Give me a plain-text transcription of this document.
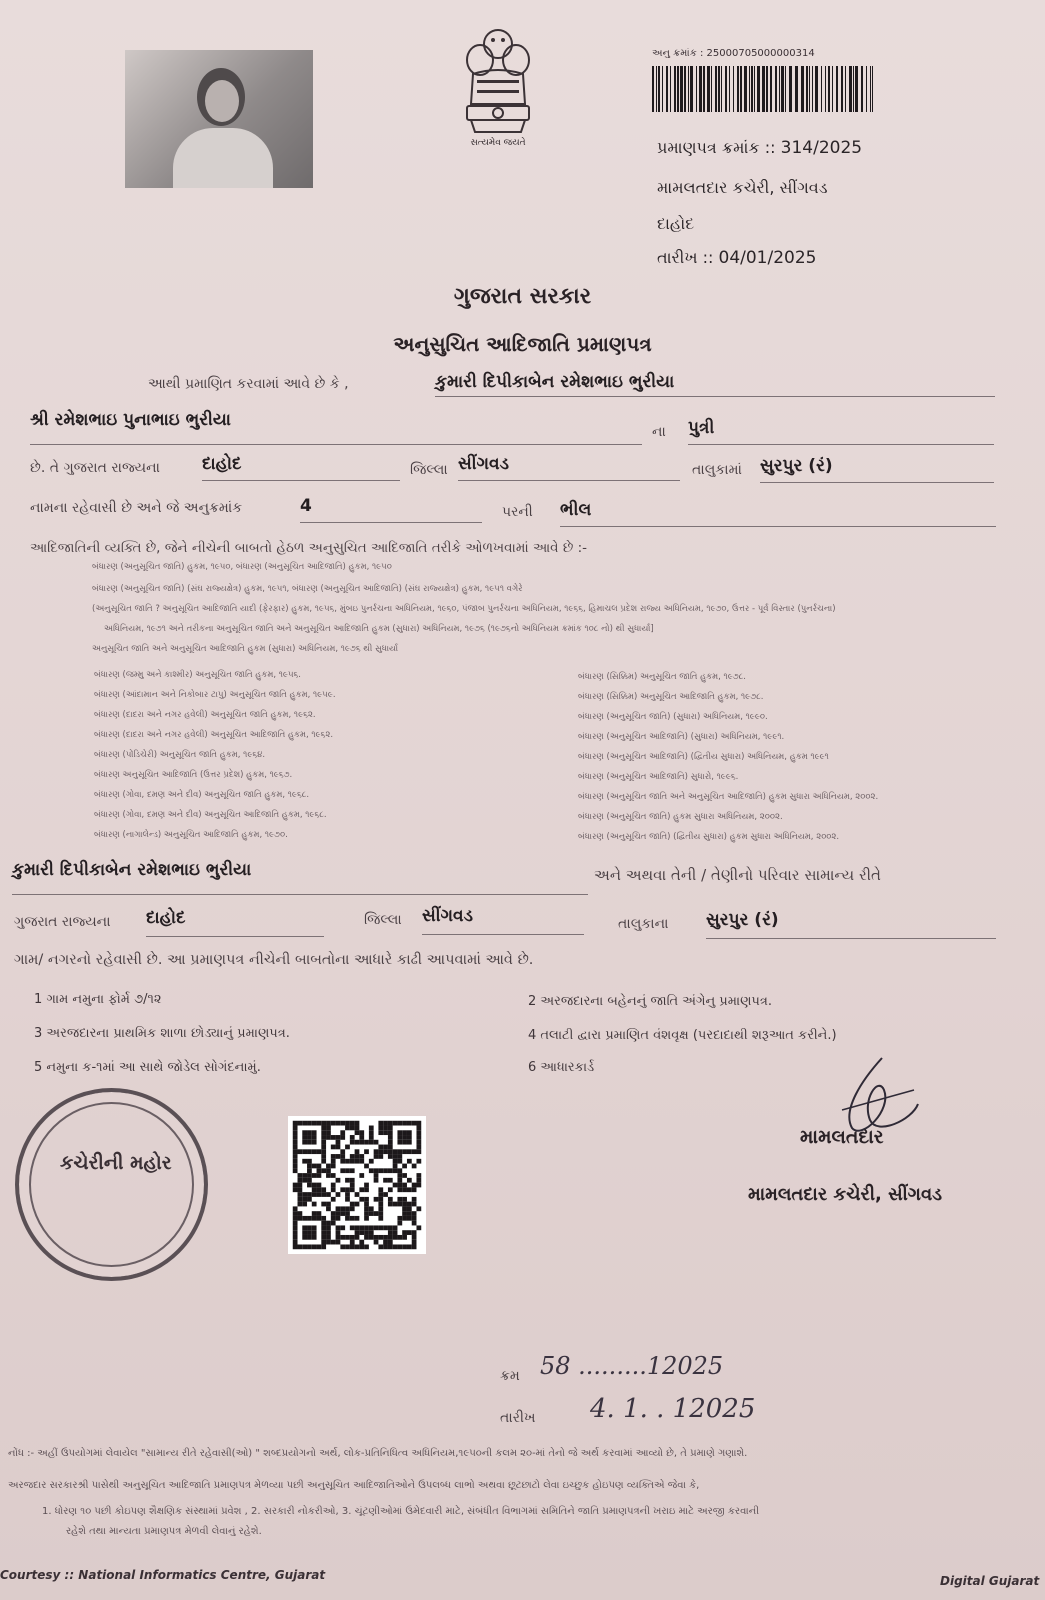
સત્યમેવ જયતે
અનુ ક્રમાંક : 25000705000000314
પ્રમાણપત્ર ક્રમાંક :: 314/2025
મામલતદાર કચેરી, સીંગવડ
દાહોદ
તારીખ :: 04/01/2025
ગુજરાત સરકાર
અનુસુચિત આદિજાતિ પ્રમાણપત્ર
આથી પ્રમાણિત કરવામાં આવે છે કે ,	કુમારી દિપીકાબેન રમેશભાઇ ભુરીયા
શ્રી રમેશભાઇ પુનાભાઇ ભુરીયા
ના પુત્રી
છે. તે ગુજરાત રાજ્યના દાહોદ	જિલ્લા સીંગવડ	તાલુકામાં સુરપુર (રં)
નામના રહેવાસી છે અને જે અનુક્રમાંક	4	પરની ભીલ
આદિજાતિની વ્યક્તિ છે, જેને નીચેની બાબતો હેઠળ અનુસુચિત આદિજાતિ તરીકે ઓળખવામાં આવે છે :-
બંધારણ (અનુસૂચિત જાતિ) હુકમ, ૧૯૫૦, બંધારણ (અનુસૂચિત આદિજાતિ) હુકમ, ૧૯૫૦
બંધારણ (અનુસૂચિત જાતિ) (સંઘ રાજ્યક્ષેત્ર) હુકમ, ૧૯૫૧, બંધારણ (અનુસૂચિત આદિજાતિ) (સંઘ રાજ્યક્ષેત્ર) હુકમ, ૧૯૫૧ વગેરે
(અનુસૂચિત જાતિ ? અનુસૂચિત આદિજાતિ યાદી (ફેરફાર) હુકમ, ૧૯૫૬, મુંબઇ પુનર્રચના અધિનિયમ, ૧૯૬૦, પંજાબ પુનર્રચના અધિનિયમ, ૧૯૬૬, હિમાચલ પ્રદેશ રાજ્ય અધિનિયમ, ૧૯૭૦, ઉત્તર - પૂર્વ વિસ્તાર (પુનર્રચના)
અધિનિયમ, ૧૯૭૧ અને તરીકના અનુસૂચિત જાતિ અને અનુસૂચિત આદિજાતિ હુકમ (સુધારા) અધિનિયમ, ૧૯૭૬ (૧૯૭૬નો અધિનિયમ ક્રમાંક ૧૦૮ નો) થી સુધાર્યા]
અનુસૂચિત જાતિ અને અનુસૂચિત આદિજાતિ હુકમ (સુધારા) અધિનિયમ, ૧૯૭૬ થી સુધાર્યા
બંધારણ (જમ્મુ અને કાશ્મીર) અનુસૂચિત જાતિ હુકમ, ૧૯૫૬.
બંધારણ (આંદામાન અને નિકોબાર ટાપુ) અનુસૂચિત જાતિ હુકમ, ૧૯૫૯.
બંધારણ (દાદરા અને નગર હવેલી) અનુસૂચિત જાતિ હુકમ, ૧૯૬૨.
બંધારણ (દાદરા અને નગર હવેલી) અનુસૂચિત આદિજાતિ હુકમ, ૧૯૬૨.
બંધારણ (પોંડિચેરી) અનુસૂચિત જાતિ હુકમ, ૧૯૬૪.
બંધારણ અનુસૂચિત આદિજાતિ (ઉત્તર પ્રદેશ) હુકમ, ૧૯૬૭.
બંધારણ (ગોવા, દમણ અને દીવ) અનુસૂચિત જાતિ હુકમ, ૧૯૬૮.
બંધારણ (ગોવા, દમણ અને દીવ) અનુસૂચિત આદિજાતિ હુકમ, ૧૯૬૮.
બંધારણ (નાગાલેન્ડ) અનુસૂચિત આદિજાતિ હુકમ, ૧૯૭૦.
બંધારણ (સિક્કિમ) અનુસૂચિત જાતિ હુકમ, ૧૯૭૮.
બંધારણ (સિક્કિમ) અનુસૂચિત આદિજાતિ હુકમ, ૧૯૭૮.
બંધારણ (અનુસૂચિત જાતિ) (સુધારા) અધિનિયમ, ૧૯૯૦.
બંધારણ (અનુસૂચિત આદિજાતિ) (સુધારા) અધિનિયમ, ૧૯૯૧.
બંધારણ (અનુસૂચિત આદિજાતિ) (દ્વિતીય સુધારા) અધિનિયમ, હુકમ ૧૯૯૧
બંધારણ (અનુસૂચિત આદિજાતિ) સુધારો, ૧૯૯૬.
બંધારણ (અનુસૂચિત જાતિ અને અનુસૂચિત આદિજાતિ) હુકમ સુધારા અધિનિયમ, ૨૦૦૨.
બંધારણ (અનુસૂચિત જાતિ) હુકમ સુધારા અધિનિયમ, ૨૦૦૨.
બંધારણ (અનુસૂચિત જાતિ) (દ્વિતીય સુધારા) હુકમ સુધારા અધિનિયમ, ૨૦૦૨.
કુમારી દિપીકાબેન રમેશભાઇ ભુરીયા	અને અથવા તેની / તેણીનો પરિવાર સામાન્ય રીતે
ગુજરાત રાજ્યના દાહોદ	જિલ્લા સીંગવડ	તાલુકાના સુરપુર (રં)
ગામ/ નગરનો રહેવાસી છે. આ પ્રમાણપત્ર નીચેની બાબતોના આધારે કાઢી આપવામાં આવે છે.
1 ગામ નમુના ફોર્મ ૭/૧૨	2 અરજદારના બહેનનું જાતિ અંગેનુ પ્રમાણપત્ર.
3 અરજદારના પ્રાથમિક શાળા છોડ્યાનું પ્રમાણપત્ર.	4 તલાટી દ્વારા પ્રમાણિત વંશવૃક્ષ (પરદાદાથી શરૂઆત કરીને.)
5 નમુના ક-૧માં આ સાથે જોડેલ સોગંદનામું.	6 આધારકાર્ડ
કચેરીની મહોર
મામલતદાર
મામલતદાર કચેરી, સીંગવડ
ક્રમ 58 .........12025
તારીખ 4. 1. . 12025
નોંધ :- અહીં ઉપયોગમાં લેવાયેલ "સામાન્ય રીતે રહેવાસી(ઓ) " શબ્દપ્રયોગનો અર્થ, લોક-પ્રતિનિધિત્વ અધિનિયમ,૧૯૫૦ની કલમ ૨૦-માં તેનો જે અર્થ કરવામાં આવ્યો છે, તે પ્રમાણે ગણાશે.
અરજદાર સરકારશ્રી પાસેથી અનુસૂચિત આદિજાતિ પ્રમાણપત્ર મેળવ્યા પછી અનુસૂચિત આદિજાતિઓને ઉપલબ્ધ લાભો અથવા છૂટછાટો લેવા ઇચ્છુક હોઇપણ વ્યક્તિએ જેવા કે,
1. ધોરણ ૧૦ પછી કોઇપણ શૈક્ષણિક સંસ્થામાં પ્રવેશ , 2. સરકારી નોકરીઓ, 3. ચૂંટણીઓમાં ઉમેદવારી માટે, સંબંધીત વિભાગમાં સમિતિને જાતિ પ્રમાણપત્રની ખરાઇ માટે અરજી કરવાની
રહેશે તથા માન્યતા પ્રમાણપત્ર મેળવી લેવાનું રહેશે.
Courtesy :: National Informatics Centre, Gujarat	Digital Gujarat
